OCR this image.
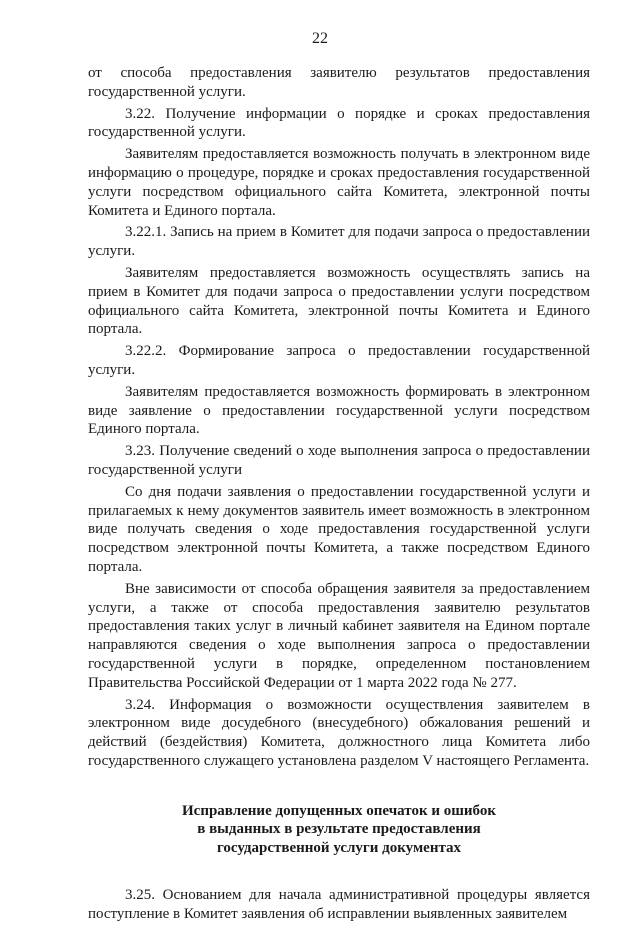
22

от способа предоставления заявителю результатов предоставления государственной услуги.

3.22. Получение информации о порядке и сроках предоставления государственной услуги.

Заявителям предоставляется возможность получать в электронном виде информацию о процедуре, порядке и сроках предоставления государственной услуги посредством официального сайта Комитета, электронной почты Комитета и Единого портала.

3.22.1. Запись на прием в Комитет для подачи запроса о предоставлении услуги.

Заявителям предоставляется возможность осуществлять запись на прием в Комитет для подачи запроса о предоставлении услуги посредством официального сайта Комитета, электронной почты Комитета и Единого портала.

3.22.2. Формирование запроса о предоставлении государственной услуги.

Заявителям предоставляется возможность формировать в электронном виде заявление о предоставлении государственной услуги посредством Единого портала.

3.23. Получение сведений о ходе выполнения запроса о предоставлении государственной услуги

Со дня подачи заявления о предоставлении государственной услуги и прилагаемых к нему документов заявитель имеет возможность в электронном виде получать сведения о ходе предоставления государственной услуги посредством электронной почты Комитета, а также посредством Единого портала.

Вне зависимости от способа обращения заявителя за предоставлением услуги, а также от способа предоставления заявителю результатов предоставления таких услуг в личный кабинет заявителя на Едином портале направляются сведения о ходе выполнения запроса о предоставлении государственной услуги в порядке, определенном постановлением Правительства Российской Федерации от 1 марта 2022 года № 277.

3.24. Информация о возможности осуществления заявителем в электронном виде досудебного (внесудебного) обжалования решений и действий (бездействия) Комитета, должностного лица Комитета либо государственного служащего установлена разделом V настоящего Регламента.

Исправление допущенных опечаток и ошибок
в выданных в результате предоставления
государственной услуги документах

3.25. Основанием для начала административной процедуры является поступление в Комитет заявления об исправлении выявленных заявителем
